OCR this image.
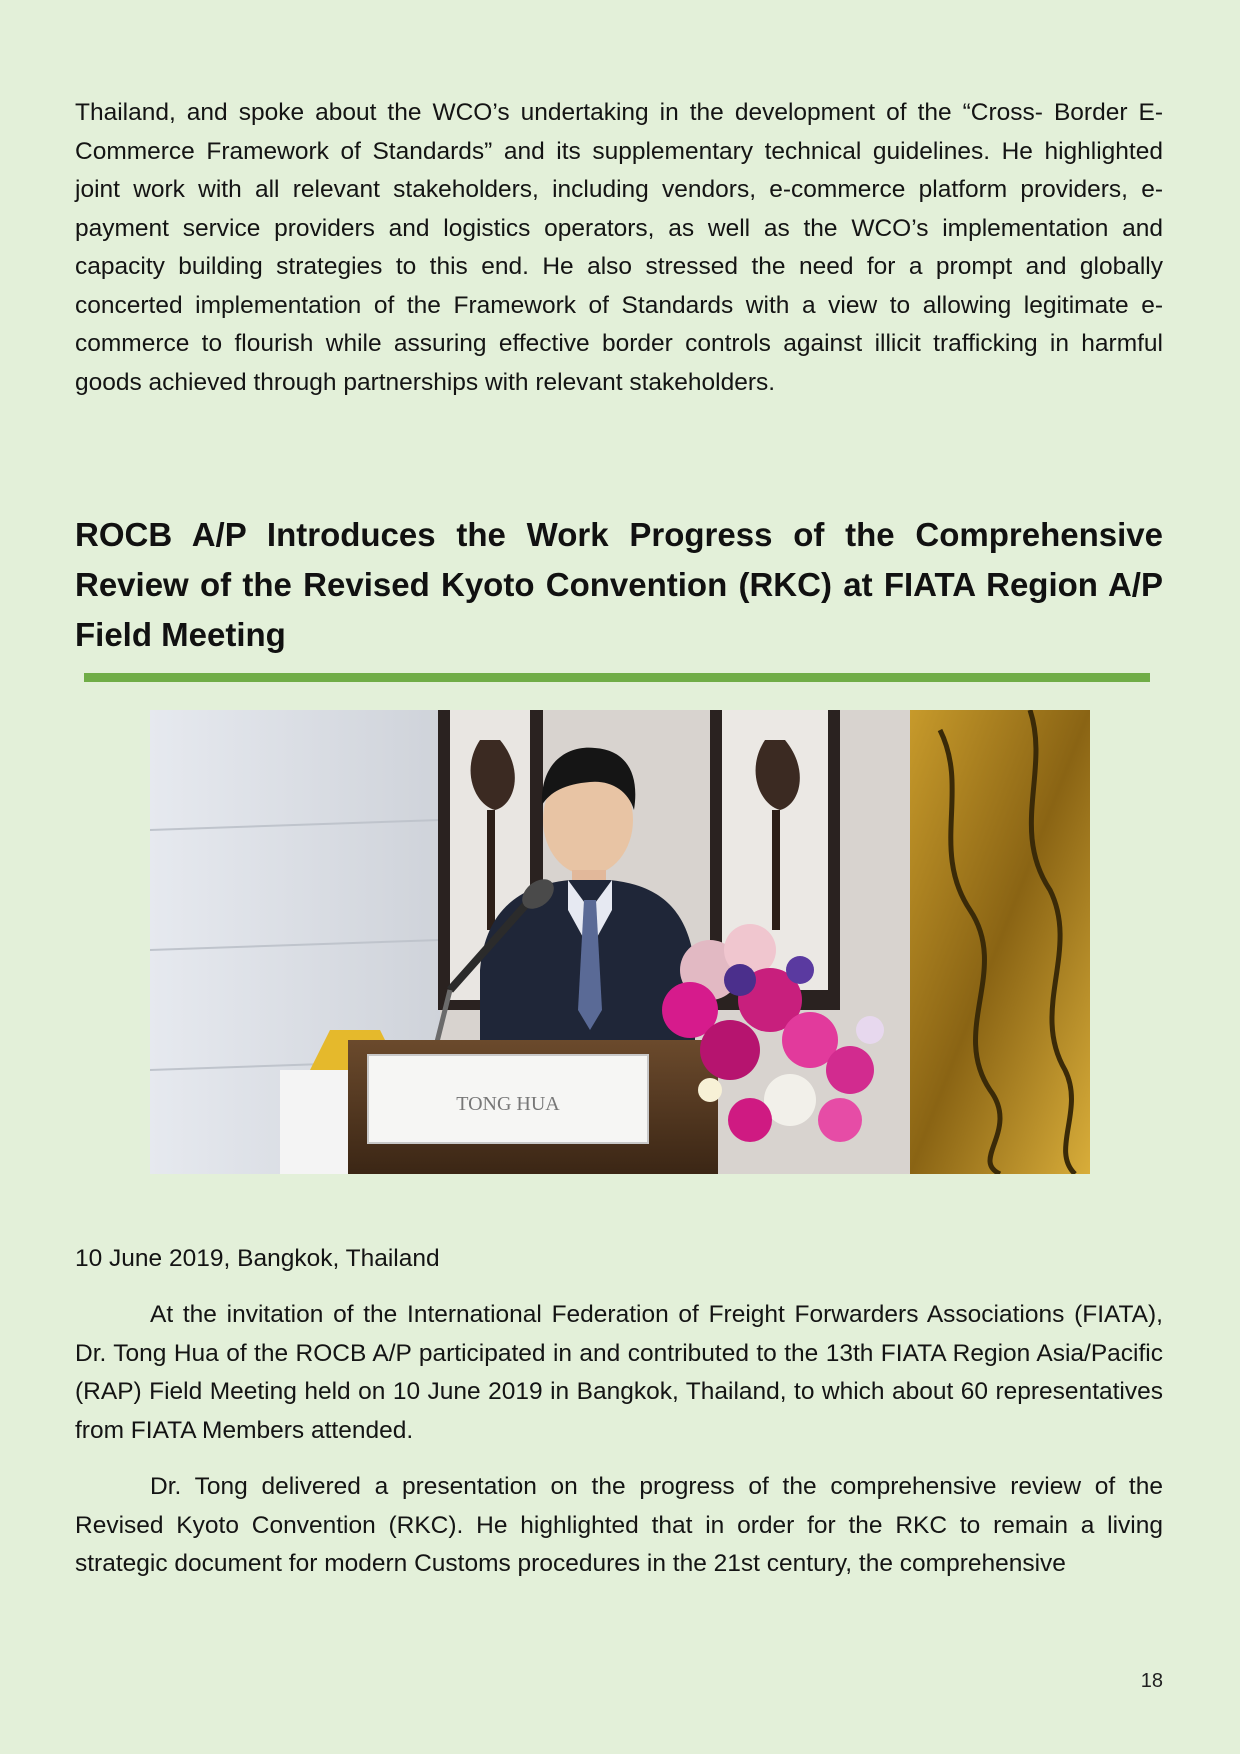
Thailand, and spoke about the WCO’s undertaking in the development of the “Cross- Border E-Commerce Framework of Standards” and its supplementary technical guidelines. He highlighted joint work with all relevant stakeholders, including vendors, e-commerce platform providers, e-payment service providers and logistics operators, as well as the WCO’s implementation and capacity building strategies to this end. He also stressed the need for a prompt and globally concerted implementation of the Framework of Standards with a view to allowing legitimate e-commerce to flourish while assuring effective border controls against illicit trafficking in harmful goods achieved through partnerships with relevant stakeholders.

ROCB A/P Introduces the Work Progress of the Comprehensive Review of the Revised Kyoto Convention (RKC) at FIATA Region A/P Field Meeting
TONG HUA

10 June 2019, Bangkok, Thailand

At the invitation of the International Federation of Freight Forwarders Associations (FIATA), Dr. Tong Hua of the ROCB A/P participated in and contributed to the 13th FIATA Region Asia/Pacific (RAP) Field Meeting held on 10 June 2019 in Bangkok, Thailand, to which about 60 representatives from FIATA Members attended.

Dr. Tong delivered a presentation on the progress of the comprehensive review of the Revised Kyoto Convention (RKC). He highlighted that in order for the RKC to remain a living strategic document for modern Customs procedures in the 21st century, the comprehensive

18
